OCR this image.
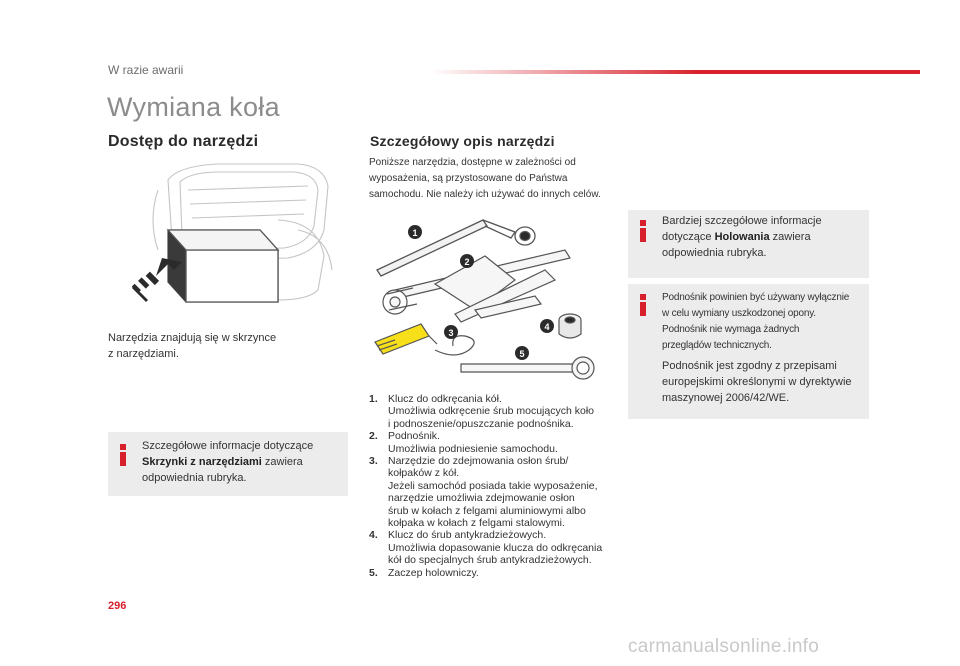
W razie awarii
Wymiana koła
Dostęp do narzędzi
Narzędzia znajdują się w skrzynce
z narzędziami.
Szczegółowe informacje dotyczące
Skrzynki z narzędziami zawiera
odpowiednia rubryka.
Szczegółowy opis narzędzi
Poniższe narzędzia, dostępne w zależności od
wyposażenia, są przystosowane do Państwa
samochodu. Nie należy ich używać do innych celów.
1
2
3
4
5
1. Klucz do odkręcania kół.
Umożliwia odkręcenie śrub mocujących koło
i podnoszenie/opuszczanie podnośnika.
2. Podnośnik.
Umożliwia podniesienie samochodu.
3. Narzędzie do zdejmowania osłon śrub/
kołpaków z kół.
Jeżeli samochód posiada takie wyposażenie,
narzędzie umożliwia zdejmowanie osłon
śrub w kołach z felgami aluminiowymi albo
kołpaka w kołach z felgami stalowymi.
4. Klucz do śrub antykradzieżowych.
Umożliwia dopasowanie klucza do odkręcania
kół do specjalnych śrub antykradzieżowych.
5. Zaczep holowniczy.
Bardziej szczegółowe informacje
dotyczące Holowania zawiera
odpowiednia rubryka.
Podnośnik powinien być używany wyłącznie
w celu wymiany uszkodzonej opony.
Podnośnik nie wymaga żadnych
przeglądów technicznych.
Podnośnik jest zgodny z przepisami
europejskimi określonymi w dyrektywie
maszynowej 2006/42/WE.
296
carmanualsonline.info
